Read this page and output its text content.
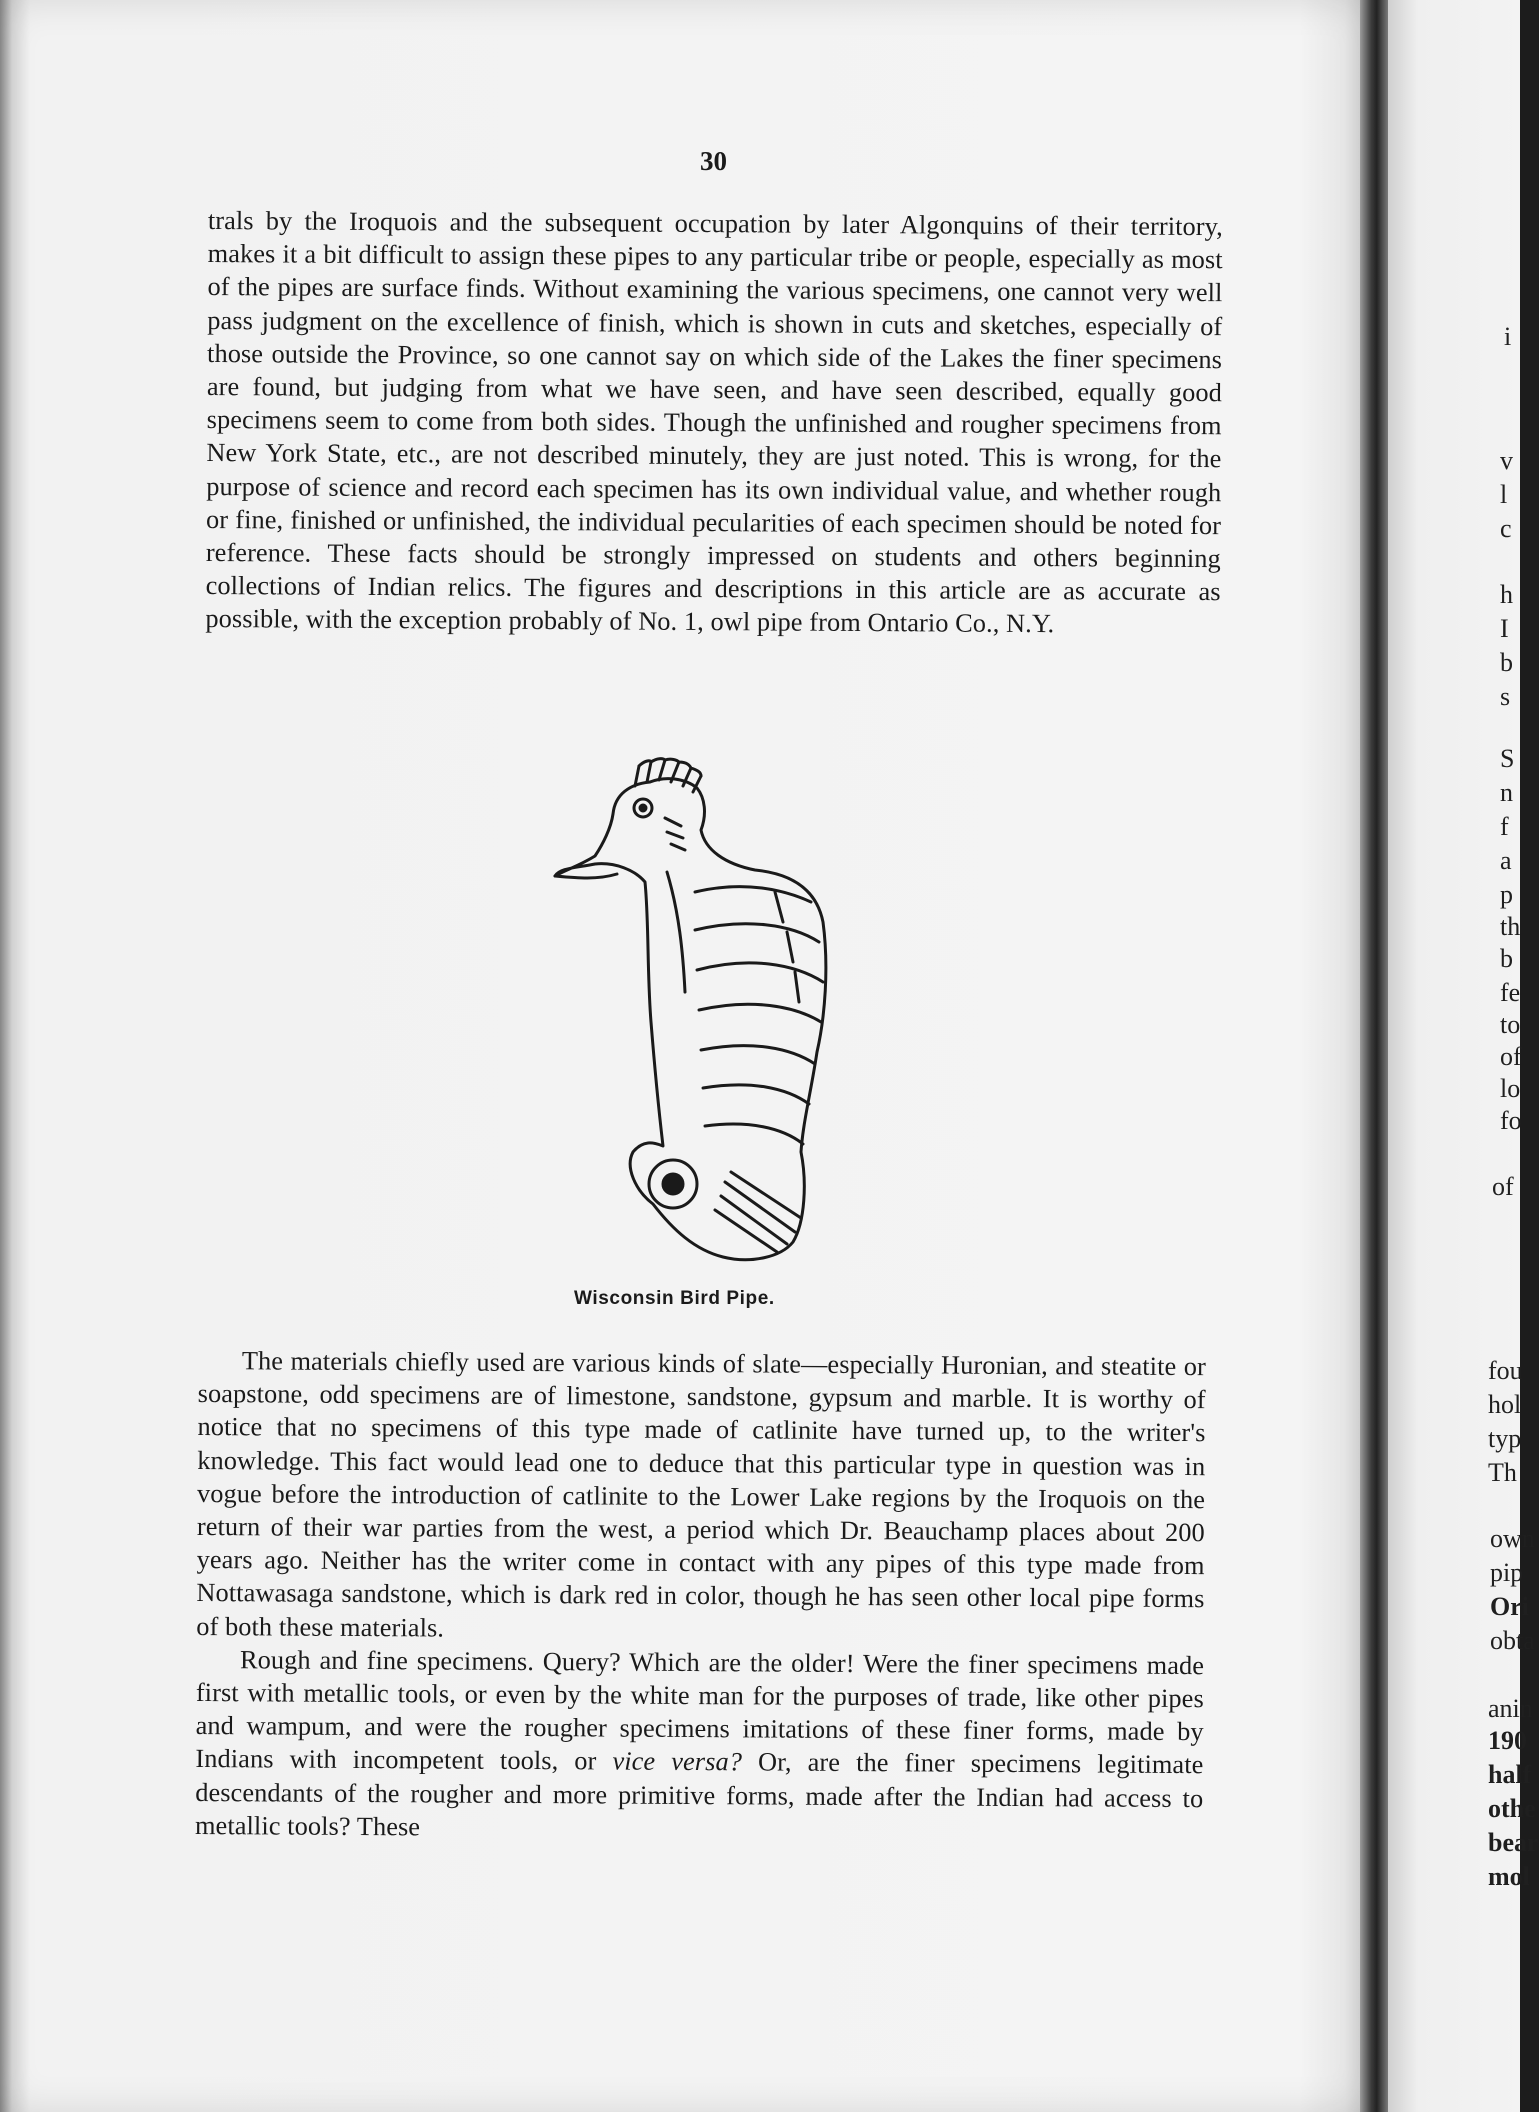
30

trals by the Iroquois and the subsequent occupation by later Algonquins of their territory, makes it a bit difficult to assign these pipes to any particular tribe or people, especially as most of the pipes are surface finds. Without examining the various specimens, one cannot very well pass judgment on the excellence of finish, which is shown in cuts and sketches, especially of those outside the Province, so one cannot say on which side of the Lakes the finer specimens are found, but judging from what we have seen, and have seen described, equally good specimens seem to come from both sides. Though the unfinished and rougher specimens from New York State, etc., are not described minutely, they are just noted. This is wrong, for the purpose of science and record each specimen has its own individual value, and whether rough or fine, finished or unfinished, the individual pecularities of each specimen should be noted for reference. These facts should be strongly impressed on students and others beginning collections of Indian relics. The figures and descriptions in this article are as accurate as possible, with the exception probably of No. 1, owl pipe from Ontario Co., N.Y.

Wisconsin Bird Pipe.

The materials chiefly used are various kinds of slate—especially Huronian, and steatite or soapstone, odd specimens are of limestone, sandstone, gypsum and marble. It is worthy of notice that no specimens of this type made of catlinite have turned up, to the writer's knowledge. This fact would lead one to deduce that this particular type in question was in vogue before the introduction of catlinite to the Lower Lake regions by the Iroquois on the return of their war parties from the west, a period which Dr. Beauchamp places about 200 years ago. Neither has the writer come in contact with any pipes of this type made from Nottawasaga sandstone, which is dark red in color, though he has seen other local pipe forms of both these materials.

Rough and fine specimens. Query? Which are the older! Were the finer specimens made first with metallic tools, or even by the white man for the purposes of trade, like other pipes and wampum, and were the rougher specimens imitations of these finer forms, made by Indians with incompetent tools, or vice versa? Or, are the finer specimens legitimate descendants of the rougher and more primitive forms, made after the Indian had access to metallic tools? These

i
v
l
c
h
I
b
s
S
n
f
a
p
th
b
fe
to
of
lo
fo
of
fou
hol
typ
Th
own
pip
Ori
obta
anin
190
half
othe
bear
mol
